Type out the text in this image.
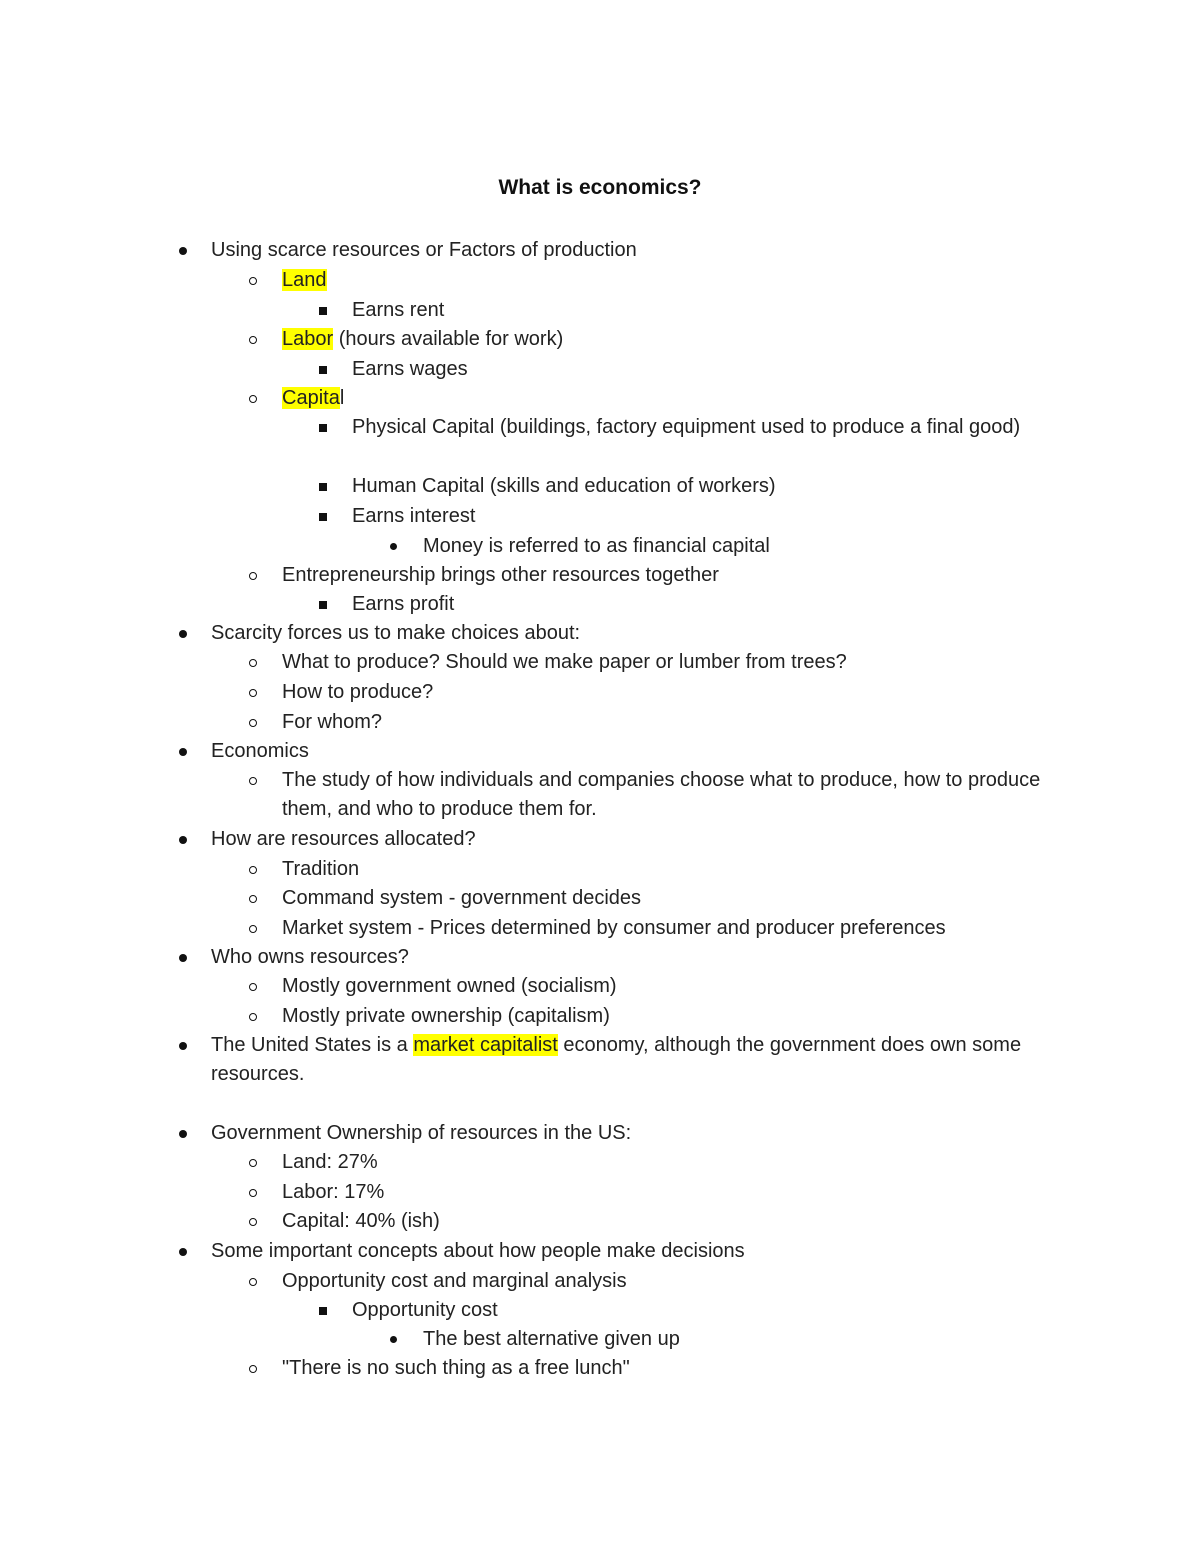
What is economics?
Using scarce resources or Factors of production
Land
Earns rent
Labor (hours available for work)
Earns wages
Capital
Physical Capital (buildings, factory equipment used to produce a final good)
Human Capital (skills and education of workers)
Earns interest
Money is referred to as financial capital
Entrepreneurship brings other resources together
Earns profit
Scarcity forces us to make choices about:
What to produce? Should we make paper or lumber from trees?
How to produce?
For whom?
Economics
The study of how individuals and companies choose what to produce, how to produce them, and who to produce them for.
How are resources allocated?
Tradition
Command system - government decides
Market system - Prices determined by consumer and producer preferences
Who owns resources?
Mostly government owned (socialism)
Mostly private ownership (capitalism)
The United States is a market capitalist economy, although the government does own some resources.
Government Ownership of resources in the US:
Land: 27%
Labor: 17%
Capital: 40% (ish)
Some important concepts about how people make decisions
Opportunity cost and marginal analysis
Opportunity cost
The best alternative given up
"There is no such thing as a free lunch"
